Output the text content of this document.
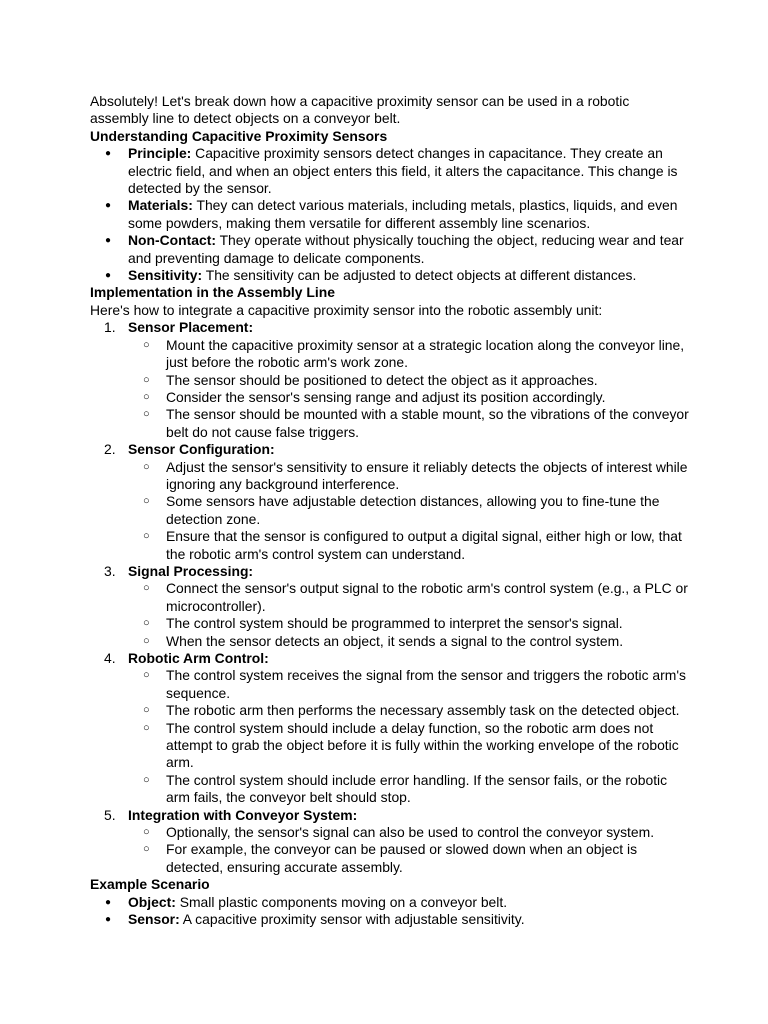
Absolutely! Let's break down how a capacitive proximity sensor can be used in a robotic assembly line to detect objects on a conveyor belt.

Understanding Capacitive Proximity Sensors
● Principle: Capacitive proximity sensors detect changes in capacitance. They create an electric field, and when an object enters this field, it alters the capacitance. This change is detected by the sensor.
● Materials: They can detect various materials, including metals, plastics, liquids, and even some powders, making them versatile for different assembly line scenarios.
● Non-Contact: They operate without physically touching the object, reducing wear and tear and preventing damage to delicate components.
● Sensitivity: The sensitivity can be adjusted to detect objects at different distances.
Implementation in the Assembly Line

Here's how to integrate a capacitive proximity sensor into the robotic assembly unit:

1. Sensor Placement:
○ Mount the capacitive proximity sensor at a strategic location along the conveyor line, just before the robotic arm's work zone.
○ The sensor should be positioned to detect the object as it approaches.
○ Consider the sensor's sensing range and adjust its position accordingly.
○ The sensor should be mounted with a stable mount, so the vibrations of the conveyor belt do not cause false triggers.
2. Sensor Configuration:
○ Adjust the sensor's sensitivity to ensure it reliably detects the objects of interest while ignoring any background interference.
○ Some sensors have adjustable detection distances, allowing you to fine-tune the detection zone.
○ Ensure that the sensor is configured to output a digital signal, either high or low, that the robotic arm's control system can understand.
3. Signal Processing:
○ Connect the sensor's output signal to the robotic arm's control system (e.g., a PLC or microcontroller).
○ The control system should be programmed to interpret the sensor's signal.
○ When the sensor detects an object, it sends a signal to the control system.
4. Robotic Arm Control:
○ The control system receives the signal from the sensor and triggers the robotic arm's sequence.
○ The robotic arm then performs the necessary assembly task on the detected object.
○ The control system should include a delay function, so the robotic arm does not attempt to grab the object before it is fully within the working envelope of the robotic arm.
○ The control system should include error handling. If the sensor fails, or the robotic arm fails, the conveyor belt should stop.
5. Integration with Conveyor System:
○ Optionally, the sensor's signal can also be used to control the conveyor system.
○ For example, the conveyor can be paused or slowed down when an object is detected, ensuring accurate assembly.
Example Scenario
● Object: Small plastic components moving on a conveyor belt.
● Sensor: A capacitive proximity sensor with adjustable sensitivity.
